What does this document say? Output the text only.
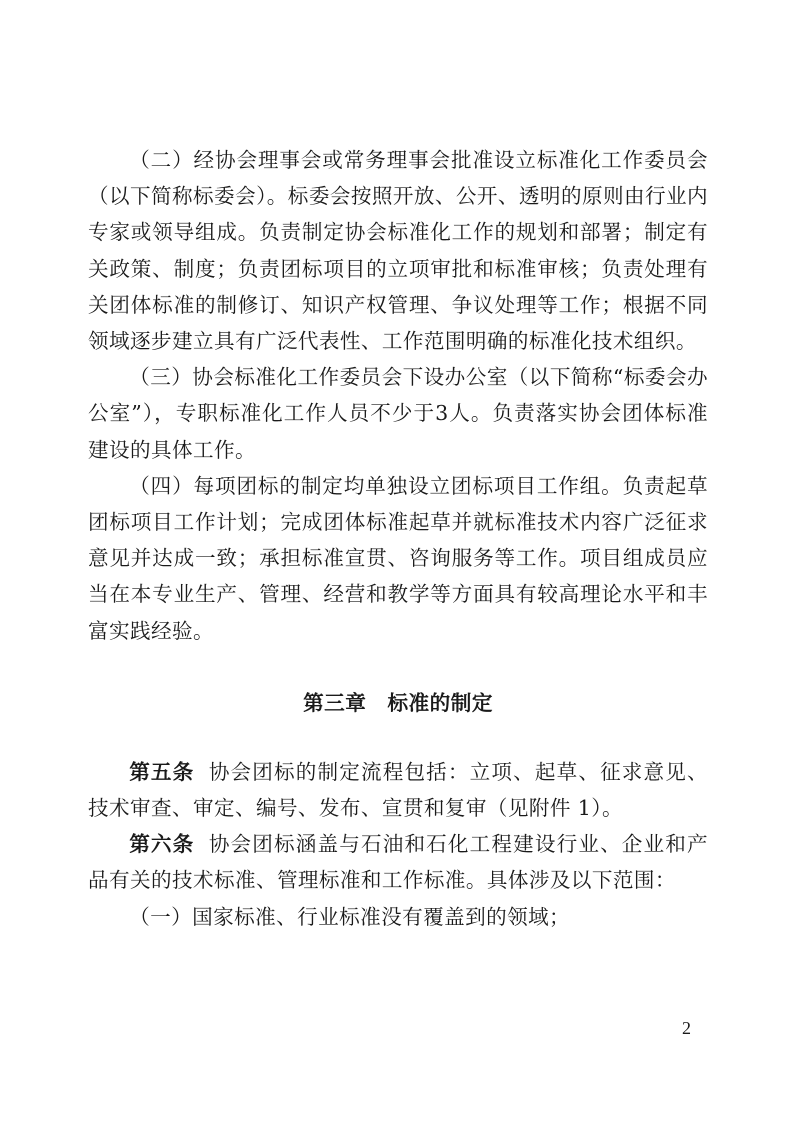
（二）经协会理事会或常务理事会批准设立标准化工作委员会（以下简称标委会）。标委会按照开放、公开、透明的原则由行业内专家或领导组成。负责制定协会标准化工作的规划和部署；制定有关政策、制度；负责团标项目的立项审批和标准审核；负责处理有关团体标准的制修订、知识产权管理、争议处理等工作；根据不同领域逐步建立具有广泛代表性、工作范围明确的标准化技术组织。

（三）协会标准化工作委员会下设办公室（以下简称“标委会办公室”），专职标准化工作人员不少于3人。负责落实协会团体标准建设的具体工作。

（四）每项团标的制定均单独设立团标项目工作组。负责起草团标项目工作计划；完成团体标准起草并就标准技术内容广泛征求意见并达成一致；承担标准宣贯、咨询服务等工作。项目组成员应当在本专业生产、管理、经营和教学等方面具有较高理论水平和丰富实践经验。

第三章　标准的制定

第五条 协会团标的制定流程包括：立项、起草、征求意见、技术审查、审定、编号、发布、宣贯和复审（见附件 1）。

第六条 协会团标涵盖与石油和石化工程建设行业、企业和产品有关的技术标准、管理标准和工作标准。具体涉及以下范围：

（一）国家标准、行业标准没有覆盖到的领域；

2
